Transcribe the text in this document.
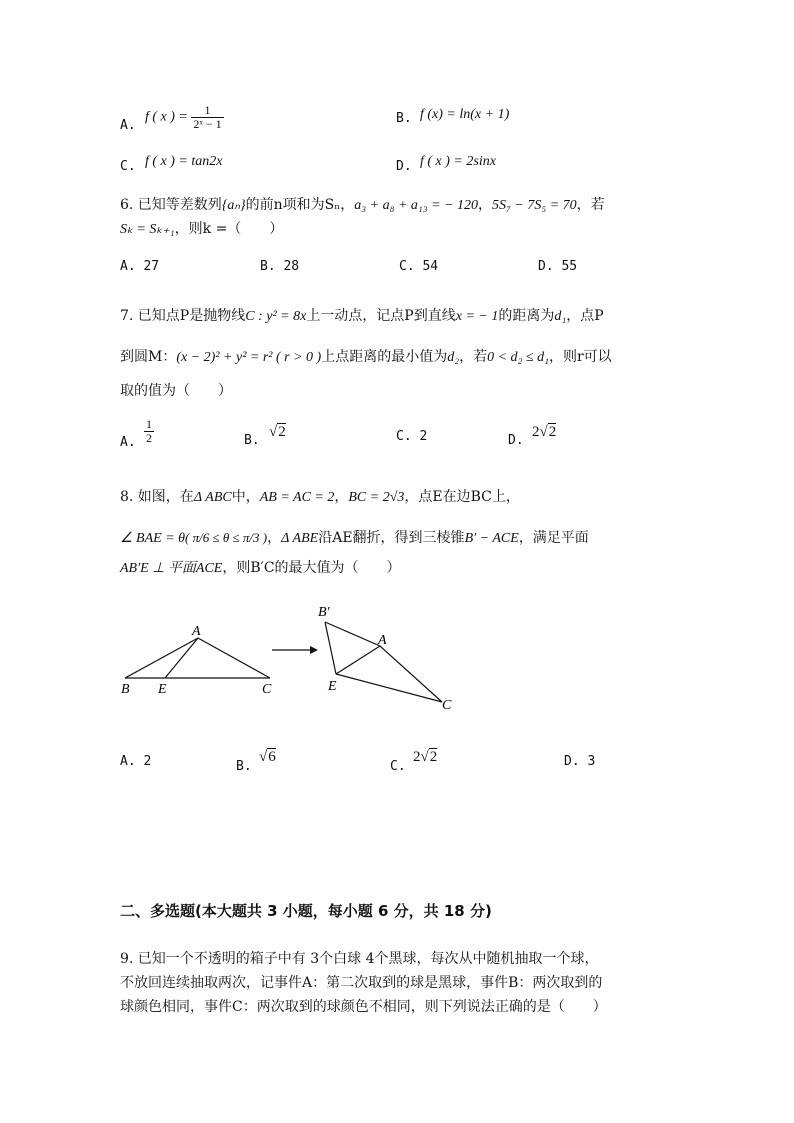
A.
f ( x ) = $\frac{1}{\text{2ˣ − 1}}$	B. f (x) = ln(x + 1)
C. f ( x ) = tan2x	D. f ( x ) = 2sinx
6. 已知等差数列{aₙ}的前n项和为Sₙ，a₃ + a₈ + a₁₃ = − 120，5S₇ − 7S₅ = 70，若
Sₖ = Sₖ₊₁，则k =（　　）
A. 27	B. 28	C. 54	D. 55
7. 已知点P是抛物线C : y² = 8x上一动点，记点P到直线x = − 1的距离为d₁，点P
到圆M：(x − 2)² + y² = r² ( r > 0 )上点距离的最小值为d₂，若0 < d₂ ≤ d₁，则r可以
取的值为（　　）
A. $\frac{1}{2}$	B.
√2	C. 2	D.
2√2
8. 如图，在Δ ABC中，AB = AC = 2，BC = 2√3，点E在边BC上，
∠ BAE = θ( π/6 ≤ θ ≤ π/3 )，Δ ABE沿AE翻折，得到三棱锥B′ − ACE，满足平面
AB′E ⊥ 平面ACE，则B′C的最大值为（　　）
A
B E	C
B′
A
E
C
A. 2	B.
√6
C.
2√2	D. 3
二、多选题(本大题共 3 小题，每小题 6 分，共 18 分)
9. 已知一个不透明的箱子中有 3个白球 4个黑球，每次从中随机抽取一个球，
不放回连续抽取两次，记事件A：第二次取到的球是黑球，事件B：两次取到的
球颜色相同，事件C：两次取到的球颜色不相同，则下列说法正确的是（　　）
